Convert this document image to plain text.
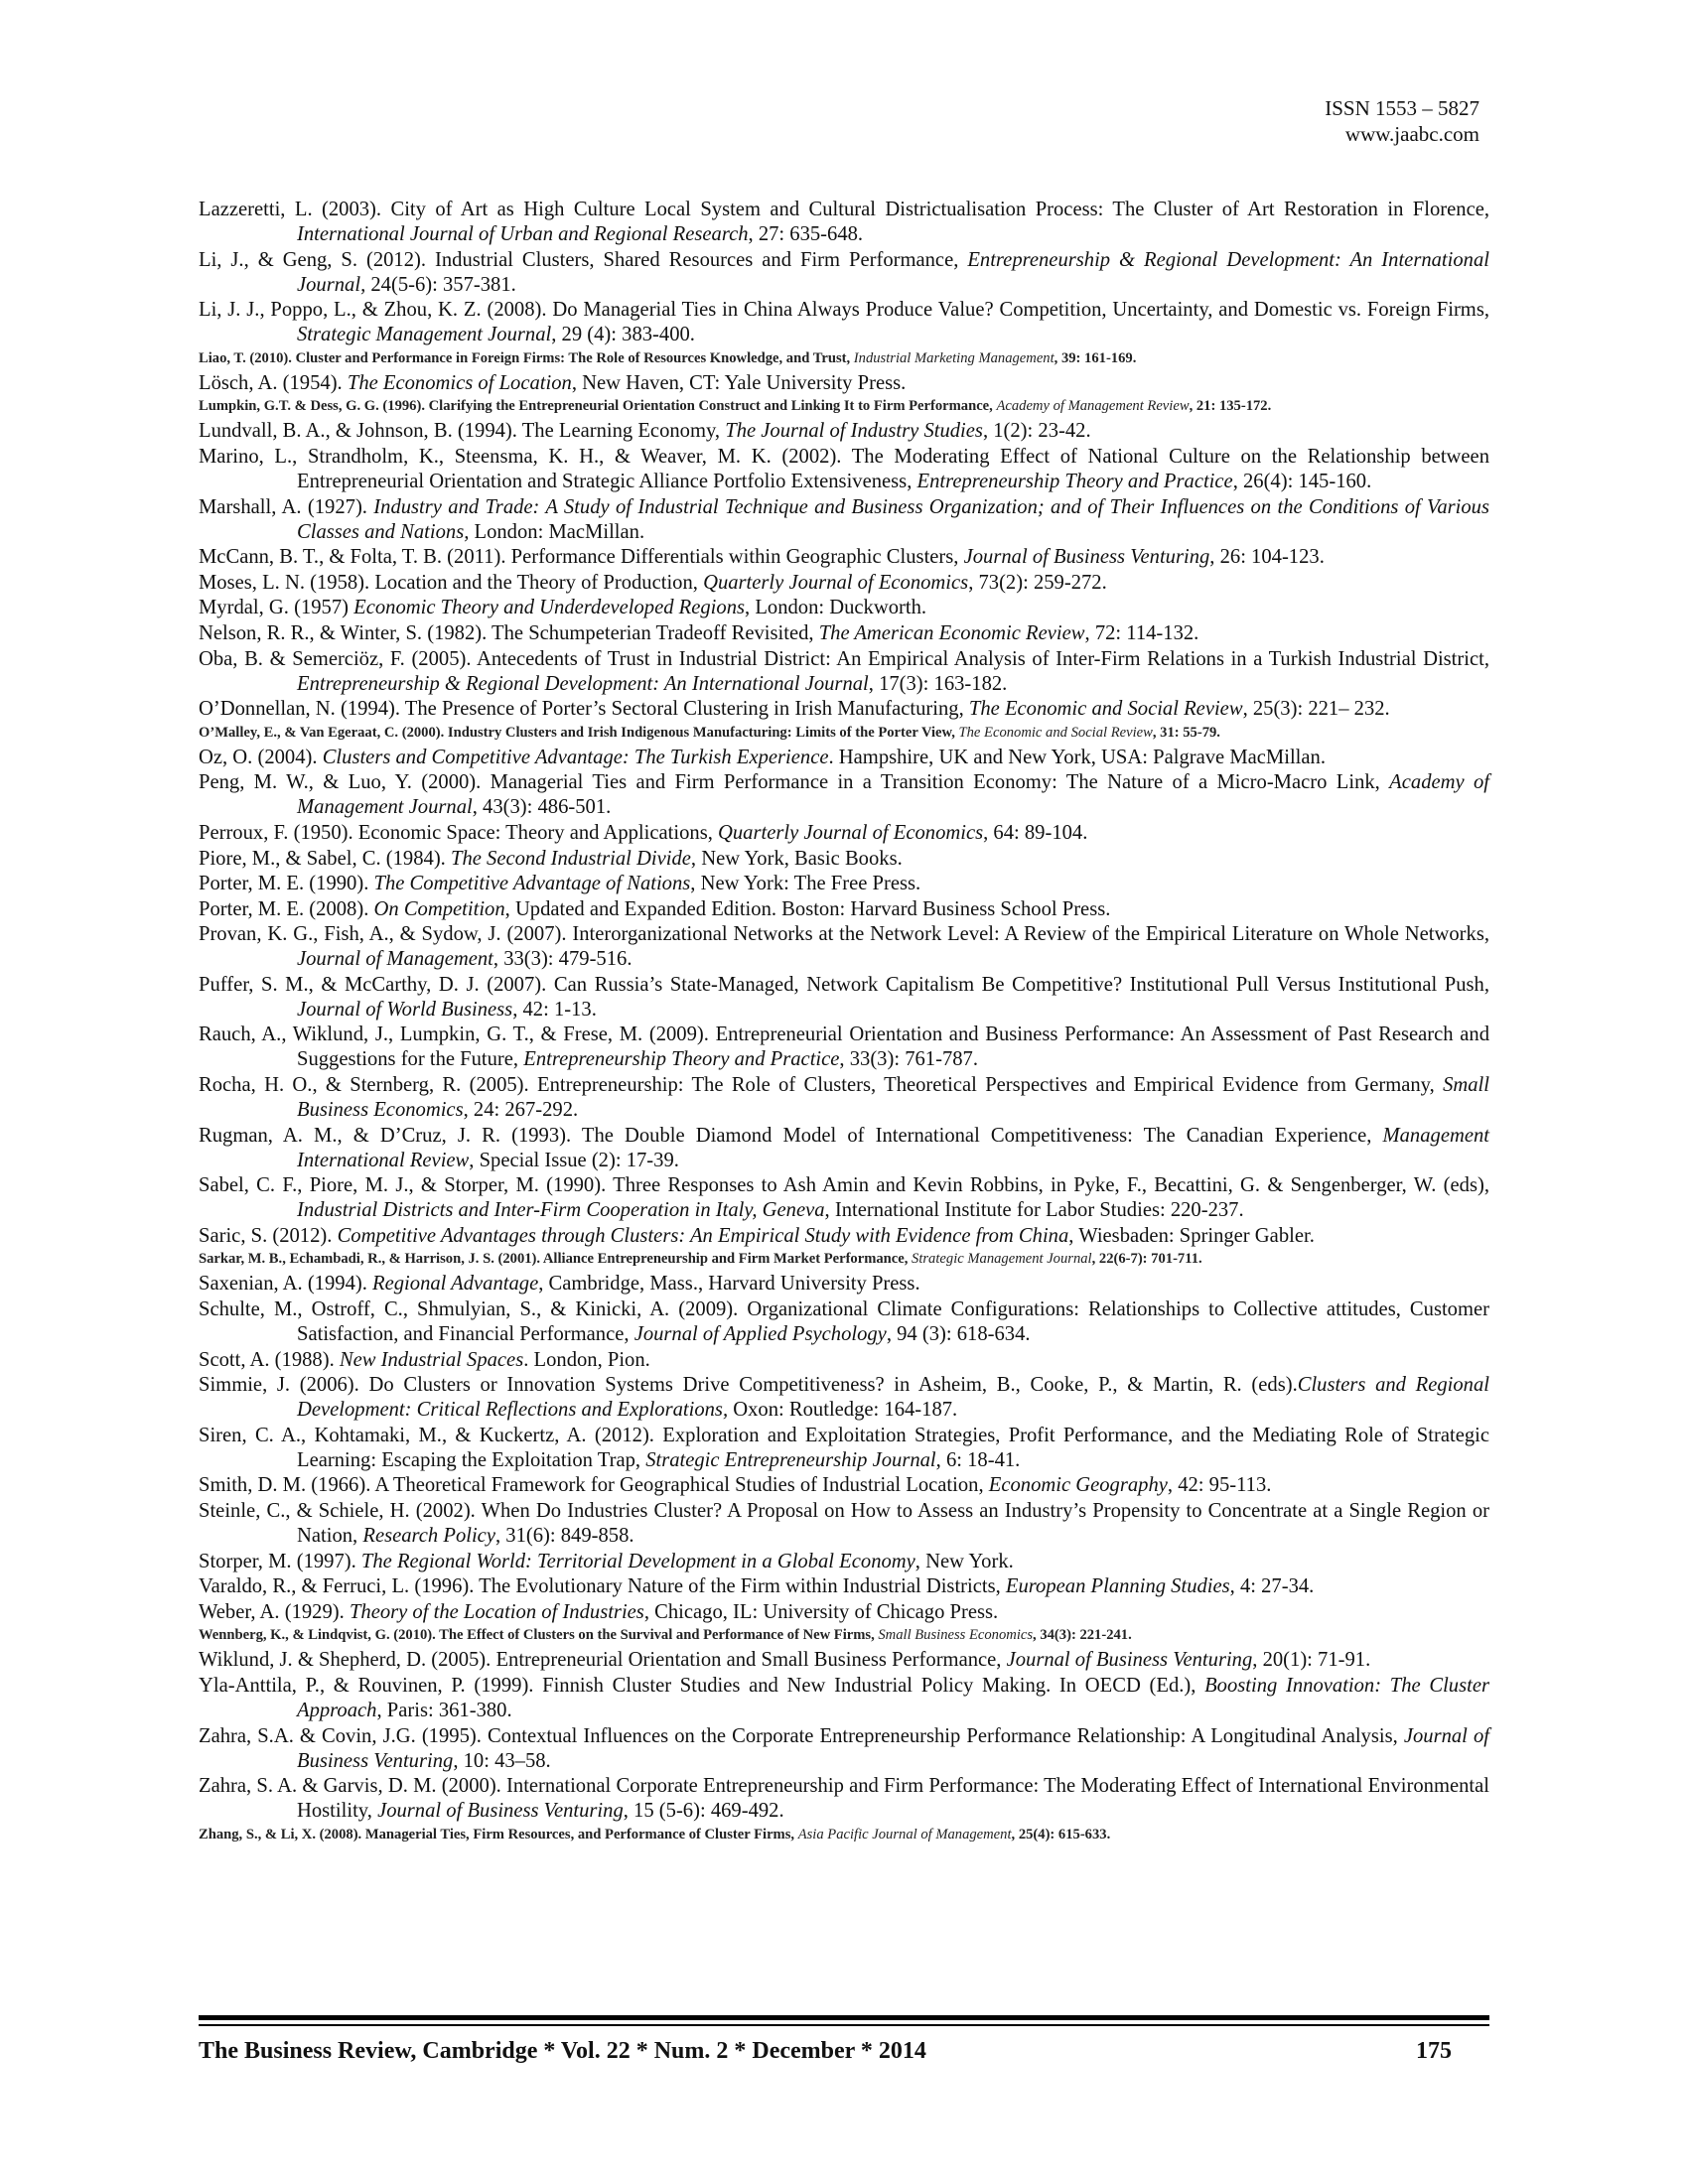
ISSN 1553 – 5827
www.jaabc.com

Lazzeretti, L. (2003). City of Art as High Culture Local System and Cultural Districtualisation Process: The Cluster of Art Restoration in Florence, International Journal of Urban and Regional Research, 27: 635-648.

Li, J., & Geng, S. (2012). Industrial Clusters, Shared Resources and Firm Performance, Entrepreneurship & Regional Development: An International Journal, 24(5-6): 357-381.

Li, J. J., Poppo, L., & Zhou, K. Z. (2008). Do Managerial Ties in China Always Produce Value? Competition, Uncertainty, and Domestic vs. Foreign Firms, Strategic Management Journal, 29 (4): 383-400.

Liao, T. (2010). Cluster and Performance in Foreign Firms: The Role of Resources Knowledge, and Trust, Industrial Marketing Management, 39: 161-169.

Lösch, A. (1954). The Economics of Location, New Haven, CT: Yale University Press.

Lumpkin, G.T. & Dess, G. G. (1996). Clarifying the Entrepreneurial Orientation Construct and Linking It to Firm Performance, Academy of Management Review, 21: 135-172.

Lundvall, B. A., & Johnson, B. (1994). The Learning Economy, The Journal of Industry Studies, 1(2): 23-42.

Marino, L., Strandholm, K., Steensma, K. H., & Weaver, M. K. (2002). The Moderating Effect of National Culture on the Relationship between Entrepreneurial Orientation and Strategic Alliance Portfolio Extensiveness, Entrepreneurship Theory and Practice, 26(4): 145-160.

Marshall, A. (1927). Industry and Trade: A Study of Industrial Technique and Business Organization; and of Their Influences on the Conditions of Various Classes and Nations, London: MacMillan.

McCann, B. T., & Folta, T. B. (2011). Performance Differentials within Geographic Clusters, Journal of Business Venturing, 26: 104-123.

Moses, L. N. (1958). Location and the Theory of Production, Quarterly Journal of Economics, 73(2): 259-272.

Myrdal, G. (1957) Economic Theory and Underdeveloped Regions, London: Duckworth.

Nelson, R. R., & Winter, S. (1982). The Schumpeterian Tradeoff Revisited, The American Economic Review, 72: 114-132.

Oba, B. & Semerciöz, F. (2005). Antecedents of Trust in Industrial District: An Empirical Analysis of Inter-Firm Relations in a Turkish Industrial District, Entrepreneurship & Regional Development: An International Journal, 17(3): 163-182.

O’Donnellan, N. (1994). The Presence of Porter’s Sectoral Clustering in Irish Manufacturing, The Economic and Social Review, 25(3): 221– 232.

O’Malley, E., & Van Egeraat, C. (2000). Industry Clusters and Irish Indigenous Manufacturing: Limits of the Porter View, The Economic and Social Review, 31: 55-79.

Oz, O. (2004). Clusters and Competitive Advantage: The Turkish Experience. Hampshire, UK and New York, USA: Palgrave MacMillan.

Peng, M. W., & Luo, Y. (2000). Managerial Ties and Firm Performance in a Transition Economy: The Nature of a Micro-Macro Link, Academy of Management Journal, 43(3): 486-501.

Perroux, F. (1950). Economic Space: Theory and Applications, Quarterly Journal of Economics, 64: 89-104.

Piore, M., & Sabel, C. (1984). The Second Industrial Divide, New York, Basic Books.

Porter, M. E. (1990). The Competitive Advantage of Nations, New York: The Free Press.

Porter, M. E. (2008). On Competition, Updated and Expanded Edition. Boston: Harvard Business School Press.

Provan, K. G., Fish, A., & Sydow, J. (2007). Interorganizational Networks at the Network Level: A Review of the Empirical Literature on Whole Networks, Journal of Management, 33(3): 479-516.

Puffer, S. M., & McCarthy, D. J. (2007). Can Russia’s State-Managed, Network Capitalism Be Competitive? Institutional Pull Versus Institutional Push, Journal of World Business, 42: 1-13.

Rauch, A., Wiklund, J., Lumpkin, G. T., & Frese, M. (2009). Entrepreneurial Orientation and Business Performance: An Assessment of Past Research and Suggestions for the Future, Entrepreneurship Theory and Practice, 33(3): 761-787.

Rocha, H. O., & Sternberg, R. (2005). Entrepreneurship: The Role of Clusters, Theoretical Perspectives and Empirical Evidence from Germany, Small Business Economics, 24: 267-292.

Rugman, A. M., & D’Cruz, J. R. (1993). The Double Diamond Model of International Competitiveness: The Canadian Experience, Management International Review, Special Issue (2): 17-39.

Sabel, C. F., Piore, M. J., & Storper, M. (1990). Three Responses to Ash Amin and Kevin Robbins, in Pyke, F., Becattini, G. & Sengenberger, W. (eds), Industrial Districts and Inter-Firm Cooperation in Italy, Geneva, International Institute for Labor Studies: 220-237.

Saric, S. (2012). Competitive Advantages through Clusters: An Empirical Study with Evidence from China, Wiesbaden: Springer Gabler.

Sarkar, M. B., Echambadi, R., & Harrison, J. S. (2001). Alliance Entrepreneurship and Firm Market Performance, Strategic Management Journal, 22(6-7): 701-711.

Saxenian, A. (1994). Regional Advantage, Cambridge, Mass., Harvard University Press.

Schulte, M., Ostroff, C., Shmulyian, S., & Kinicki, A. (2009). Organizational Climate Configurations: Relationships to Collective attitudes, Customer Satisfaction, and Financial Performance, Journal of Applied Psychology, 94 (3): 618-634.

Scott, A. (1988). New Industrial Spaces. London, Pion.

Simmie, J. (2006). Do Clusters or Innovation Systems Drive Competitiveness? in Asheim, B., Cooke, P., & Martin, R. (eds).Clusters and Regional Development: Critical Reflections and Explorations, Oxon: Routledge: 164-187.

Siren, C. A., Kohtamaki, M., & Kuckertz, A. (2012). Exploration and Exploitation Strategies, Profit Performance, and the Mediating Role of Strategic Learning: Escaping the Exploitation Trap, Strategic Entrepreneurship Journal, 6: 18-41.

Smith, D. M. (1966). A Theoretical Framework for Geographical Studies of Industrial Location, Economic Geography, 42: 95-113.

Steinle, C., & Schiele, H. (2002). When Do Industries Cluster? A Proposal on How to Assess an Industry’s Propensity to Concentrate at a Single Region or Nation, Research Policy, 31(6): 849-858.

Storper, M. (1997). The Regional World: Territorial Development in a Global Economy, New York.

Varaldo, R., & Ferruci, L. (1996). The Evolutionary Nature of the Firm within Industrial Districts, European Planning Studies, 4: 27-34.

Weber, A. (1929). Theory of the Location of Industries, Chicago, IL: University of Chicago Press.

Wennberg, K., & Lindqvist, G. (2010). The Effect of Clusters on the Survival and Performance of New Firms, Small Business Economics, 34(3): 221-241.

Wiklund, J. & Shepherd, D. (2005). Entrepreneurial Orientation and Small Business Performance, Journal of Business Venturing, 20(1): 71-91.

Yla-Anttila, P., & Rouvinen, P. (1999). Finnish Cluster Studies and New Industrial Policy Making. In OECD (Ed.), Boosting Innovation: The Cluster Approach, Paris: 361-380.

Zahra, S.A. & Covin, J.G. (1995). Contextual Influences on the Corporate Entrepreneurship Performance Relationship: A Longitudinal Analysis, Journal of Business Venturing, 10: 43–58.

Zahra, S. A. & Garvis, D. M. (2000). International Corporate Entrepreneurship and Firm Performance: The Moderating Effect of International Environmental Hostility, Journal of Business Venturing, 15 (5-6): 469-492.

Zhang, S., & Li, X. (2008). Managerial Ties, Firm Resources, and Performance of Cluster Firms, Asia Pacific Journal of Management, 25(4): 615-633.

The Business Review, Cambridge * Vol. 22 * Num. 2 * December * 2014	175
